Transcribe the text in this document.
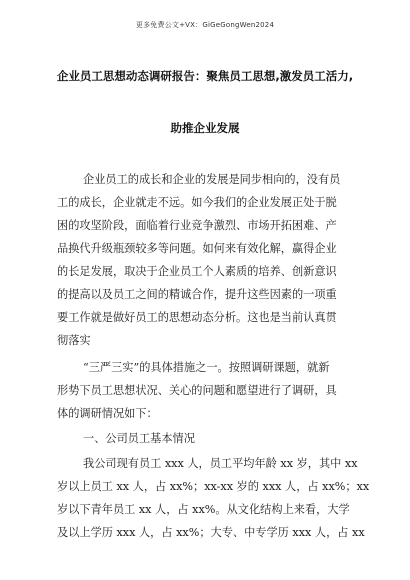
更多免费公文+VX：GiGeGongWen2024
企业员工思想动态调研报告：聚焦员工思想,激发员工活力,
助推企业发展
企业员工的成长和企业的发展是同步相向的，没有员
工的成长，企业就走不远。如今我们的企业发展正处于脱
困的攻坚阶段，面临着行业竞争激烈、市场开拓困难、产
品换代升级瓶颈较多等问题。如何来有效化解，赢得企业
的长足发展，取决于企业员工个人素质的培养、创新意识
的提高以及员工之间的精诚合作，提升这些因素的一项重
要工作就是做好员工的思想动态分析。这也是当前认真贯
彻落实
“三严三实”的具体措施之一。按照调研课题，就新
形势下员工思想状况、关心的问题和愿望进行了调研，具
体的调研情况如下：
一、公司员工基本情况
我公司现有员工 xxx 人，员工平均年龄 xx 岁，其中 xx
岁以上员工 xx 人，占 xx%；xx-xx 岁的 xxx 人，占 xx%；xx
岁以下青年员工 xx 人，占 xx%。从文化结构上来看，大学
及以上学历 xxx 人，占 xx%；大专、中专学历 xxx 人，占 xx
